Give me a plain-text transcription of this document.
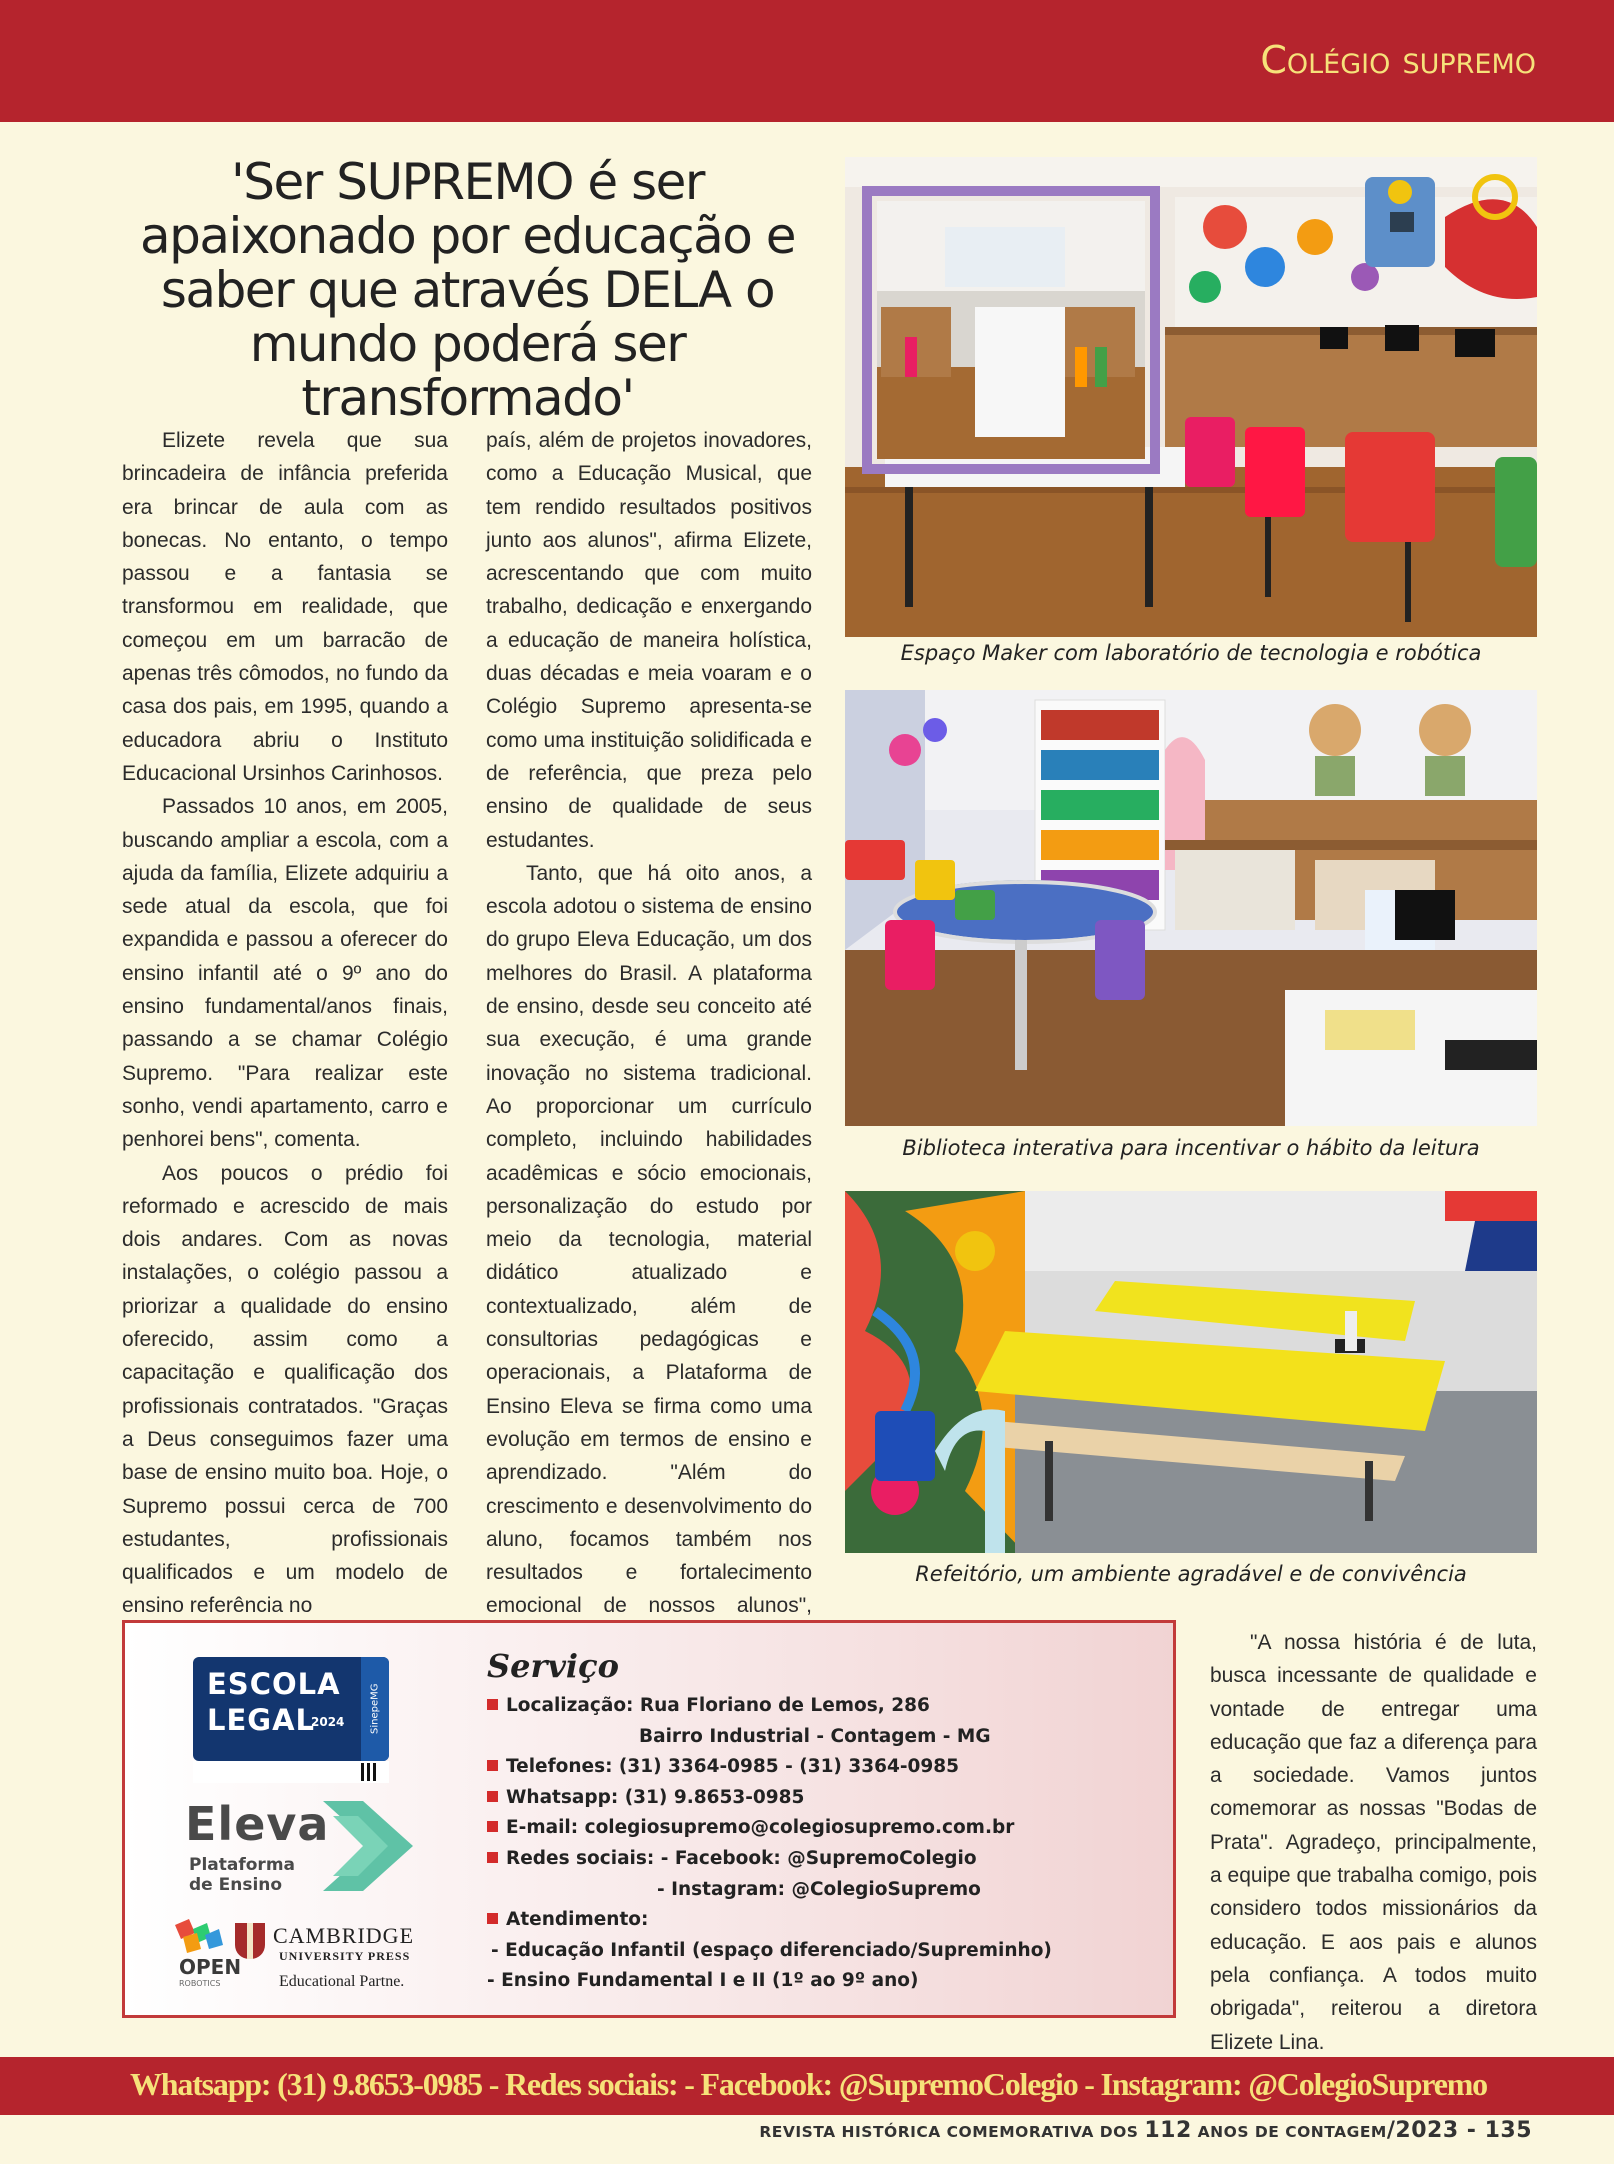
Colégio supremo
'Ser SUPREMO é ser apaixonado por educação e saber que através DELA o mundo poderá ser transformado'

Elizete revela que sua brincadeira de infância preferida era brincar de aula com as bonecas. No entanto, o tempo passou e a fantasia se transformou em realidade, que começou em um barracão de apenas três cômodos, no fundo da casa dos pais, em 1995, quando a educadora abriu o Instituto Educacional Ursinhos Carinhosos.

Passados 10 anos, em 2005, buscando ampliar a escola, com a ajuda da família, Elizete adquiriu a sede atual da escola, que foi expandida e passou a oferecer do ensino infantil até o 9º ano do ensino fundamental/anos finais, passando a se chamar Colégio Supremo. "Para realizar este sonho, vendi apartamento, carro e penhorei bens", comenta.

Aos poucos o prédio foi reformado e acrescido de mais dois andares. Com as novas instalações, o colégio passou a priorizar a qualidade do ensino oferecido, assim como a capacitação e qualificação dos profissionais contratados. "Graças a Deus conseguimos fazer uma base de ensino muito boa. Hoje, o Supremo possui cerca de 700 estudantes, profissionais qualificados e um modelo de ensino referência no

país, além de projetos inovadores, como a Educação Musical, que tem rendido resultados positivos junto aos alunos", afirma Elizete, acrescentando que com muito trabalho, dedicação e enxergando a educação de maneira holística, duas décadas e meia voaram e o Colégio Supremo apresenta-se como uma instituição solidificada e de referência, que preza pelo ensino de qualidade de seus estudantes.

Tanto, que há oito anos, a escola adotou o sistema de ensino do grupo Eleva Educação, um dos melhores do Brasil. A plataforma de ensino, desde seu conceito até sua execução, é uma grande inovação no sistema tradicional. Ao proporcionar um currículo completo, incluindo habilidades acadêmicas e sócio emocionais, personalização do estudo por meio da tecnologia, material didático atualizado e contextualizado, além de consultorias pedagógicas e operacionais, a Plataforma de Ensino Eleva se firma como uma evolução em termos de ensino e aprendizado. "Além do crescimento e desenvolvimento do aluno, focamos também nos resultados e fortalecimento emocional de nossos alunos",

Espaço Maker com laboratório de tecnologia e robótica
Biblioteca interativa para incentivar o hábito da leitura
Refeitório, um ambiente agradável e de convivência
ESCOLA
LEGAL
2024	SinepeMG
Eleva
Plataforma
de Ensino
OPEN
ROBOTICS
CAMBRIDGE
UNIVERSITY PRESS
Educational Partne.
Serviço
Localização: Rua Floriano de Lemos, 286
Bairro Industrial - Contagem - MG
Telefones: (31) 3364-0985 - (31) 3364-0985
Whatsapp: (31) 9.8653-0985
E-mail: colegiosupremo@colegiosupremo.com.br
Redes sociais: - Facebook: @SupremoColegio
- Instagram: @ColegioSupremo
Atendimento:
- Educação Infantil (espaço diferenciado/Supreminho)
- Ensino Fundamental I e II (1º ao 9º ano)

"A nossa história é de luta, busca incessante de qualidade e vontade de entregar uma educação que faz a diferença para a sociedade. Vamos juntos comemorar as nossas "Bodas de Prata". Agradeço, principalmente, a equipe que trabalha comigo, pois considero todos missionários da educação. E aos pais e alunos pela confiança. A todos muito obrigada", reiterou a diretora Elizete Lina.

Whatsapp: (31) 9.8653-0985 - Redes sociais: - Facebook: @SupremoColegio - Instagram: @ColegioSupremo
REVISTA HISTÓRICA COMEMORATIVA DOS 112 ANOS DE CONTAGEM/2023 - 135
